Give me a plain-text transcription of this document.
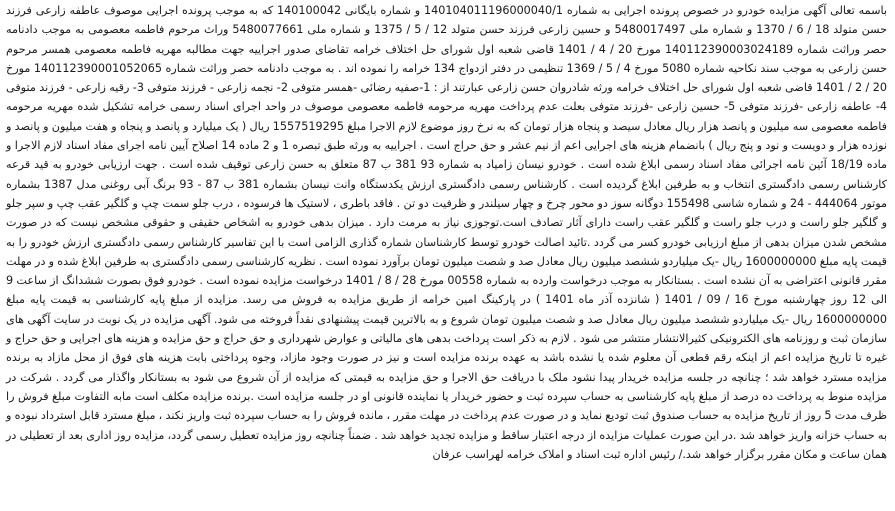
باسمه تعالی آگهی مزایده خودرو در خصوص پرونده اجرایی به شماره 140104011196000040/1 و شماره بایگانی 140100042 که به موجب پرونده اجرایی موصوف عاطفه زارعی فرزند حسن متولد 18 / 6 / 1370 و شماره ملی 5480017497 و حسین زارعی فرزند حسن متولد 12 / 5 / 1375 و شماره ملی 5480077661 وراث مرحوم فاطمه معصومی به موجب دادنامه حصر وراثت شماره 140112390003024189 مورخ 20 / 4 / 1401 قاضی شعبه اول شورای حل اختلاف خرامه تقاضای صدور اجراییه جهت مطالبه مهریه فاطمه معصومی همسر مرحوم حسن زارعی به موجب سند نکاحیه شماره 5080 مورخ 4 / 5 / 1369 تنظیمی در دفتر ازدواج 134 خرامه را نموده اند . به موجب دادنامه حصر وراثت شماره 140112390001052065 مورخ 20 / 2 / 1401 قاضی شعبه اول شورای حل اختلاف خرامه ورثه شادروان حسن زارعی عبارتند از : 1-صفیه رضائی -همسر متوفی 2- نجمه زارعی - فرزند متوفی 3- رقیه زارعی - فرزند متوفی 4- عاطفه زارعی -فرزند متوفی 5- حسین زارعی -فرزند متوفی بعلت عدم پرداخت مهریه مرحومه فاطمه معصومی موصوف در واحد اجرای اسناد رسمی خرامه تشکیل شده مهریه مرحومه فاطمه معصومی سه میلیون و پانصد هزار ریال معادل سیصد و پنجاه هزار تومان که به نرخ روز موضوع لازم الاجرا مبلغ 1557519295 ریال ( یک میلیارد و پانصد و پنجاه و هفت میلیون و پانصد و نوزده هزار و دویست و نود و پنج ریال ) بانضمام هزینه های اجرایی اعم از نیم عشر و حق حراج است . اجراییه به ورثه طبق تبصره 1 و 2 ماده 14 اصلاح آیین نامه اجرای مفاد اسناد لازم الاجرا و ماده 18/19 آئین نامه اجرائی مفاد اسناد رسمی ابلاغ شده است . خودرو نیسان زامیاد به شماره 93 381 ب 87 متعلق به حسن زارعی توقیف شده است . جهت ارزیابی خودرو به قید قرعه کارشناس رسمی دادگستری انتخاب و به طرفین ابلاغ گردیده است . کارشناس رسمی دادگستری ارزش یکدستگاه وانت نیسان بشماره 381 ب 87 - 93 برنگ آبی روغنی مدل 1387 بشماره موتور 444064 - 24 و شماره شاسی 155498 دوگانه سوز دو محور چرخ و چهار سیلندر و ظرفیت دو تن . فاقد باطری ، لاستیک ها فرسوده ، درب جلو سمت چپ و گلگیر عقب چپ و سپر جلو و گلگیر جلو راست و درب جلو راست و گلگیر عقب راست دارای آثار تصادف است.توجوزی نیاز به مرمت دارد . میزان بدهی خودرو به اشخاص حقیقی و حقوقی مشخص نیست که در صورت مشخص شدن میزان بدهی از مبلغ ارزیابی خودرو کسر می گردد .تائید اصالت خودرو توسط کارشناسان شماره گذاری الزامی است با این تفاسیر کارشناس رسمی دادگستری ارزش خودرو را به قیمت پایه مبلغ 1600000000 ریال -یک میلیاردو ششصد میلیون ریال معادل صد و شصت میلیون تومان برآورد نموده است . نظریه کارشناسی رسمی دادگستری به طرفین ابلاغ شده و در مهلت مقرر قانونی اعتراضی به آن نشده است . بستانکار به موجب درخواست وارده به شماره 00558 مورخ 28 / 8 / 1401 درخواست مزایده نموده است . خودرو فوق بصورت ششدانگ از ساعت 9 الی 12 روز چهارشنبه مورخ 16 / 09 / 1401 ( شانزده آذر ماه 1401 ) در پارکینگ امین خرامه از طریق مزایده به فروش می رسد. مزایده از مبلغ پایه کارشناسی به قیمت پایه مبلغ 1600000000 ریال -یک میلیاردو ششصد میلیون ریال معادل صد و شصت میلیون تومان شروع و به بالاترین قیمت پیشنهادی نقداً فروخته می شود. آگهی مزایده در یک نوبت در سایت آگهی های سازمان ثبت و روزنامه های الکترونیکی کثیرالانتشار منتشر می شود . لازم به ذکر است پرداخت بدهی های مالیاتی و عوارض شهرداری و حق حراج و حق مزایده و هزینه های اجرایی و حق حراج و غیره تا تاریخ مزایده اعم از اینکه رقم قطعی آن معلوم شده یا نشده باشد به عهده برنده مزایده است و نیز در صورت وجود مازاد، وجوه پرداختی بابت هزینه های فوق از محل مازاد به برنده مزایده مسترد خواهد شد ؛ چنانچه در جلسه مزایده خریدار پیدا نشود ملک با دریافت حق الاجرا و حق مزایده به قیمتی که مزایده از آن شروع می شود به بستانکار واگذار می گردد . شرکت در مزایده منوط به پرداخت ده درصد از مبلغ پایه کارشناسی به حساب سپرده ثبت و حضور خریدار یا نماینده قانونی او در جلسه مزایده است .برنده مزایده مکلف است مابه التفاوت مبلغ فروش را ظرف مدت 5 روز از تاریخ مزایده به حساب صندوق ثبت تودیع نماید و در صورت عدم پرداخت در مهلت مقرر ، مانده فروش را به حساب سپرده ثبت واریز نکند ، مبلغ مسترد قابل استرداد نبوده و به حساب خزانه واریز خواهد شد .در این صورت عملیات مزایده از درجه اعتبار ساقط و مزایده تجدید خواهد شد . ضمناً چنانچه روز مزایده تعطیل رسمی گردد، مزایده روز اداری بعد از تعطیلی در همان ساعت و مکان مقرر برگزار خواهد شد./ رئیس اداره ثبت اسناد و املاک خرامه لهراسب عرفان
